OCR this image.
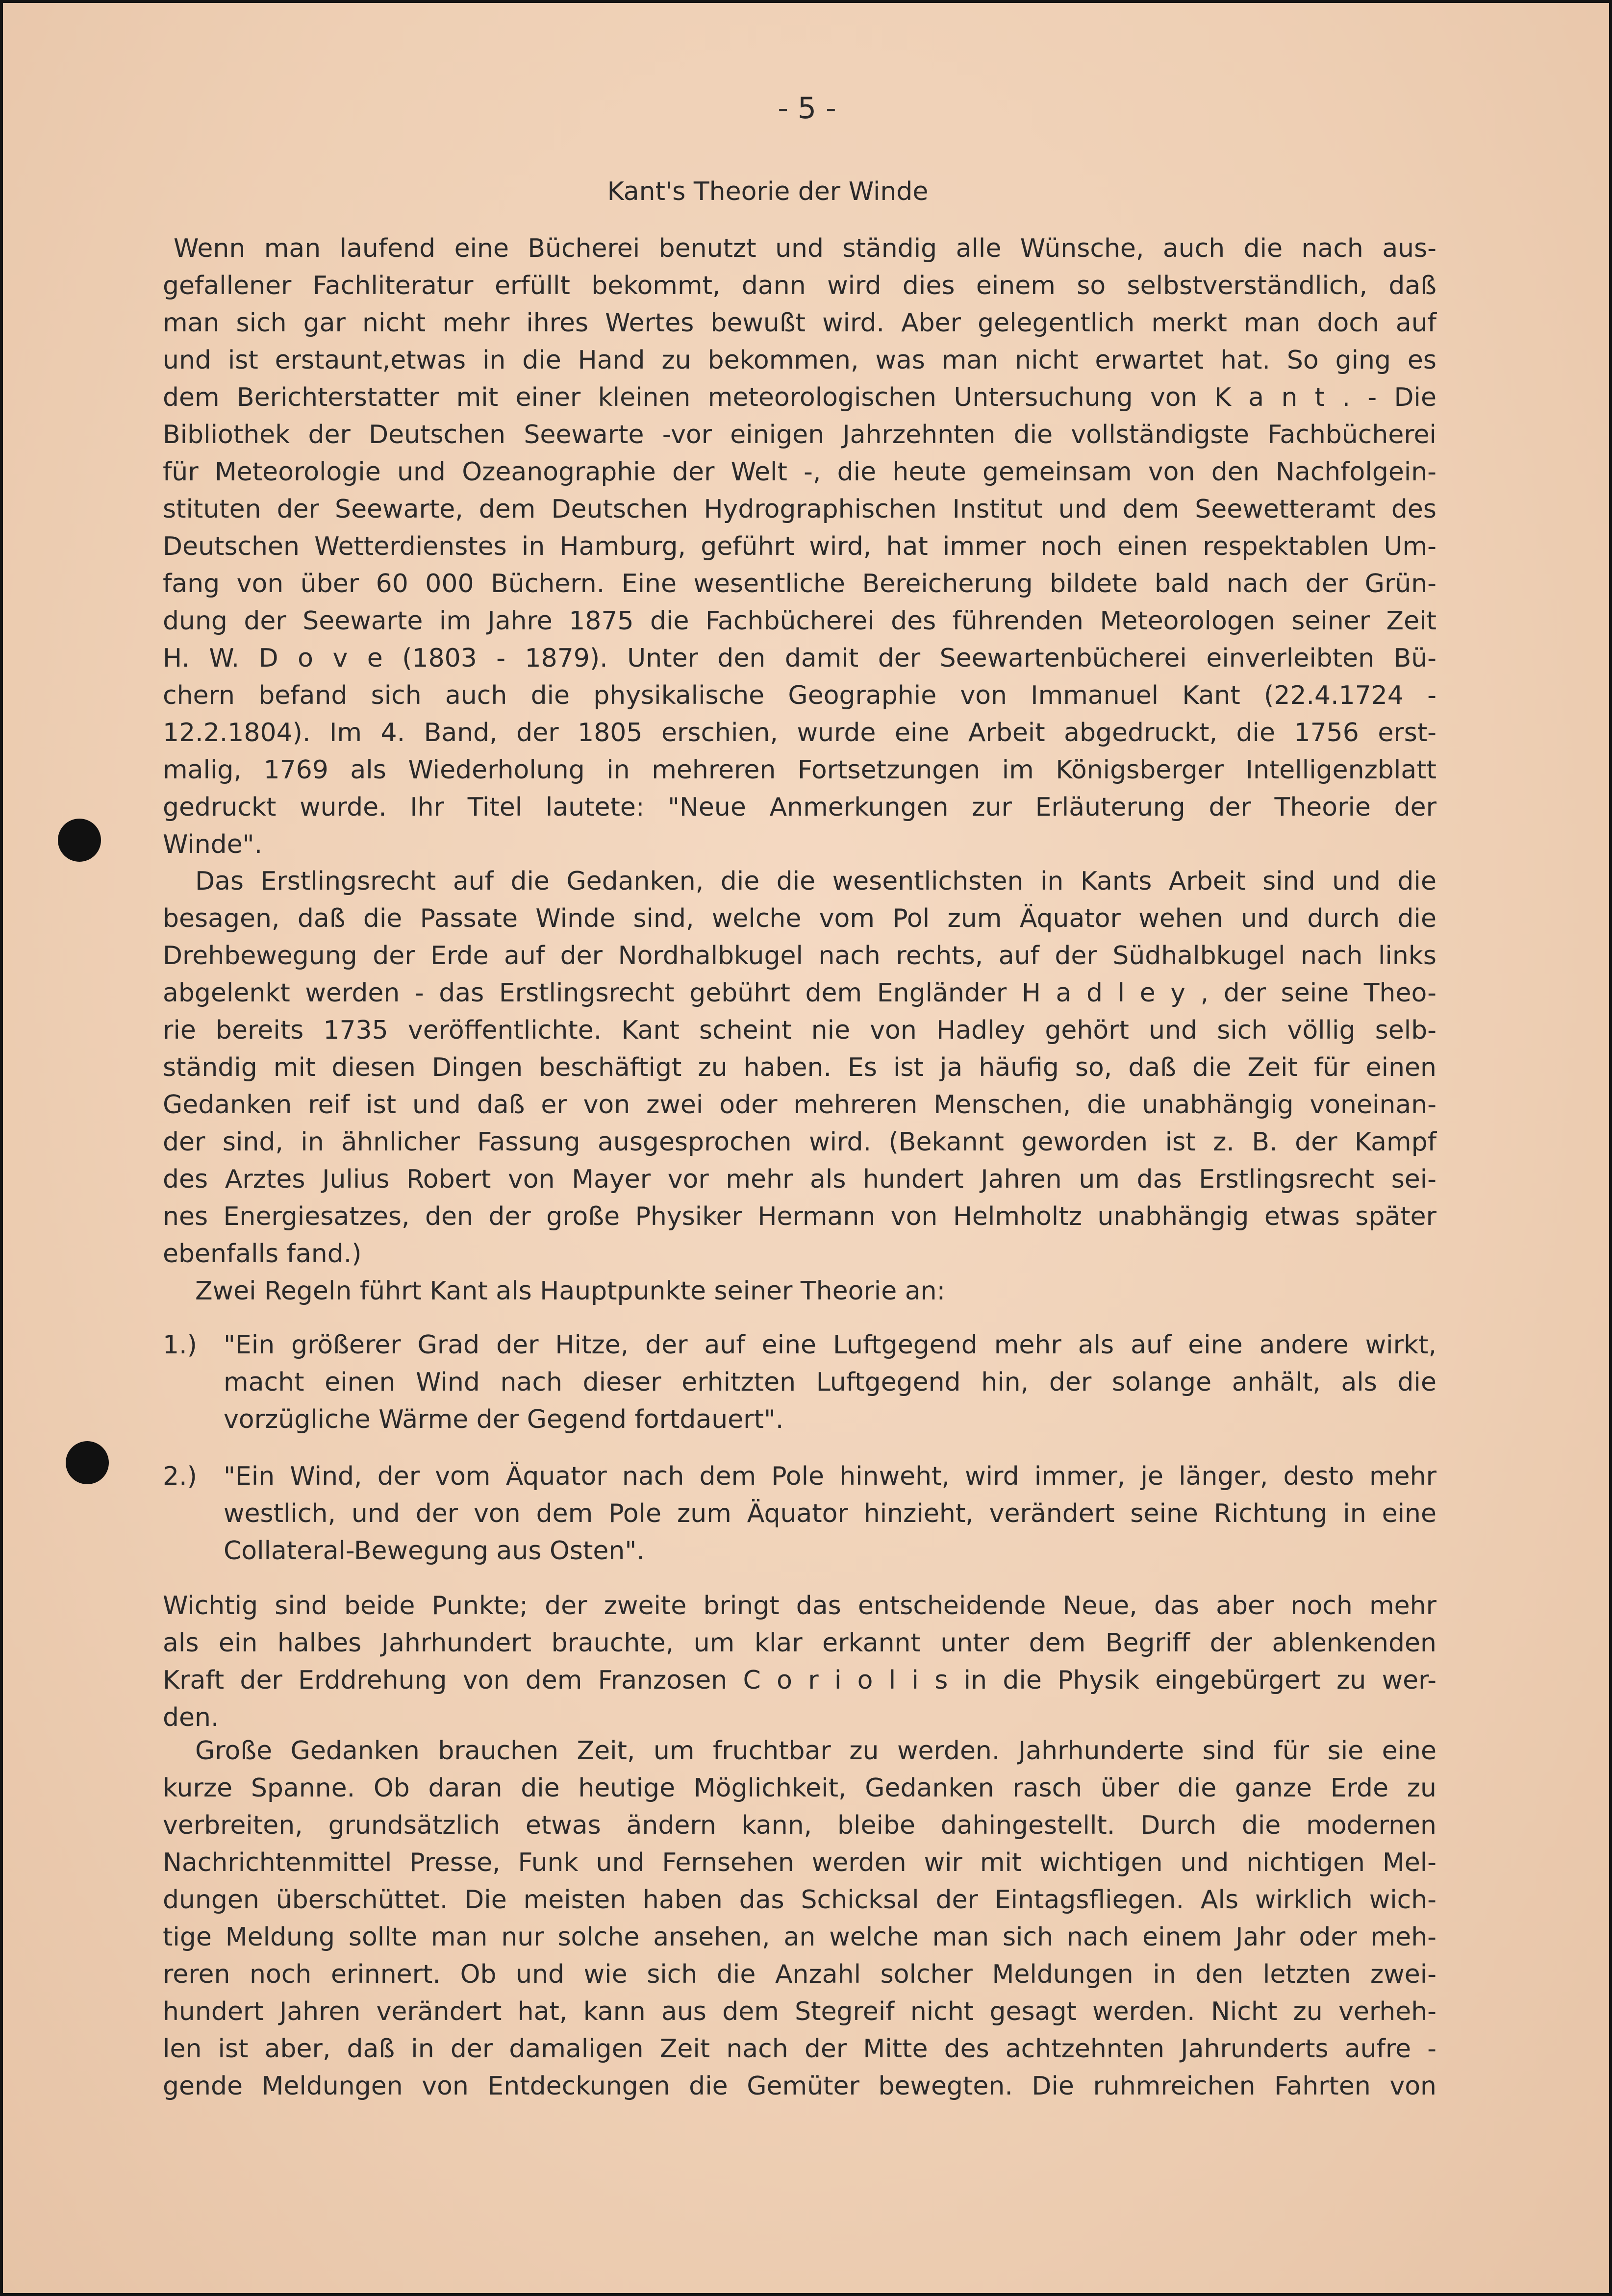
- 5 -
Kant's Theorie der Winde
Wenn man laufend eine Bücherei benutzt und ständig alle Wünsche, auch die nach aus-
gefallener Fachliteratur erfüllt bekommt, dann wird dies einem so selbstverständlich, daß
man sich gar nicht mehr ihres Wertes bewußt wird. Aber gelegentlich merkt man doch auf
und ist erstaunt,etwas in die Hand zu bekommen, was man nicht erwartet hat. So ging es
dem Berichterstatter mit einer kleinen meteorologischen Untersuchung von K a n t . - Die
Bibliothek der Deutschen Seewarte -vor einigen Jahrzehnten die vollständigste Fachbücherei
für Meteorologie und Ozeanographie der Welt -, die heute gemeinsam von den Nachfolgein-
stituten der Seewarte, dem Deutschen Hydrographischen Institut und dem Seewetteramt des
Deutschen Wetterdienstes in Hamburg, geführt wird, hat immer noch einen respektablen Um-
fang von über 60 000 Büchern. Eine wesentliche Bereicherung bildete bald nach der Grün-
dung der Seewarte im Jahre 1875 die Fachbücherei des führenden Meteorologen seiner Zeit
H. W. D o v e (1803 - 1879). Unter den damit der Seewartenbücherei einverleibten Bü-
chern befand sich auch die physikalische Geographie von Immanuel Kant (22.4.1724 -
12.2.1804). Im 4. Band, der 1805 erschien, wurde eine Arbeit abgedruckt, die 1756 erst-
malig, 1769 als Wiederholung in mehreren Fortsetzungen im Königsberger Intelligenzblatt
gedruckt wurde. Ihr Titel lautete: "Neue Anmerkungen zur Erläuterung der Theorie der
Winde".
Das Erstlingsrecht auf die Gedanken, die die wesentlichsten in Kants Arbeit sind und die
besagen, daß die Passate Winde sind, welche vom Pol zum Äquator wehen und durch die
Drehbewegung der Erde auf der Nordhalbkugel nach rechts, auf der Südhalbkugel nach links
abgelenkt werden - das Erstlingsrecht gebührt dem Engländer H a d l e y , der seine Theo-
rie bereits 1735 veröffentlichte. Kant scheint nie von Hadley gehört und sich völlig selb-
ständig mit diesen Dingen beschäftigt zu haben. Es ist ja häufig so, daß die Zeit für einen
Gedanken reif ist und daß er von zwei oder mehreren Menschen, die unabhängig voneinan-
der sind, in ähnlicher Fassung ausgesprochen wird. (Bekannt geworden ist z. B. der Kampf
des Arztes Julius Robert von Mayer vor mehr als hundert Jahren um das Erstlingsrecht sei-
nes Energiesatzes, den der große Physiker Hermann von Helmholtz unabhängig etwas später
ebenfalls fand.)
Zwei Regeln führt Kant als Hauptpunkte seiner Theorie an:
1.) "Ein größerer Grad der Hitze, der auf eine Luftgegend mehr als auf eine andere wirkt,
macht einen Wind nach dieser erhitzten Luftgegend hin, der solange anhält, als die
vorzügliche Wärme der Gegend fortdauert".
2.) "Ein Wind, der vom Äquator nach dem Pole hinweht, wird immer, je länger, desto mehr
westlich, und der von dem Pole zum Äquator hinzieht, verändert seine Richtung in eine
Collateral-Bewegung aus Osten".
Wichtig sind beide Punkte; der zweite bringt das entscheidende Neue, das aber noch mehr
als ein halbes Jahrhundert brauchte, um klar erkannt unter dem Begriff der ablenkenden
Kraft der Erddrehung von dem Franzosen C o r i o l i s in die Physik eingebürgert zu wer-
den.
Große Gedanken brauchen Zeit, um fruchtbar zu werden. Jahrhunderte sind für sie eine
kurze Spanne. Ob daran die heutige Möglichkeit, Gedanken rasch über die ganze Erde zu
verbreiten, grundsätzlich etwas ändern kann, bleibe dahingestellt. Durch die modernen
Nachrichtenmittel Presse, Funk und Fernsehen werden wir mit wichtigen und nichtigen Mel-
dungen überschüttet. Die meisten haben das Schicksal der Eintagsfliegen. Als wirklich wich-
tige Meldung sollte man nur solche ansehen, an welche man sich nach einem Jahr oder meh-
reren noch erinnert. Ob und wie sich die Anzahl solcher Meldungen in den letzten zwei-
hundert Jahren verändert hat, kann aus dem Stegreif nicht gesagt werden. Nicht zu verheh-
len ist aber, daß in der damaligen Zeit nach der Mitte des achtzehnten Jahrunderts aufre -
gende Meldungen von Entdeckungen die Gemüter bewegten. Die ruhmreichen Fahrten von
